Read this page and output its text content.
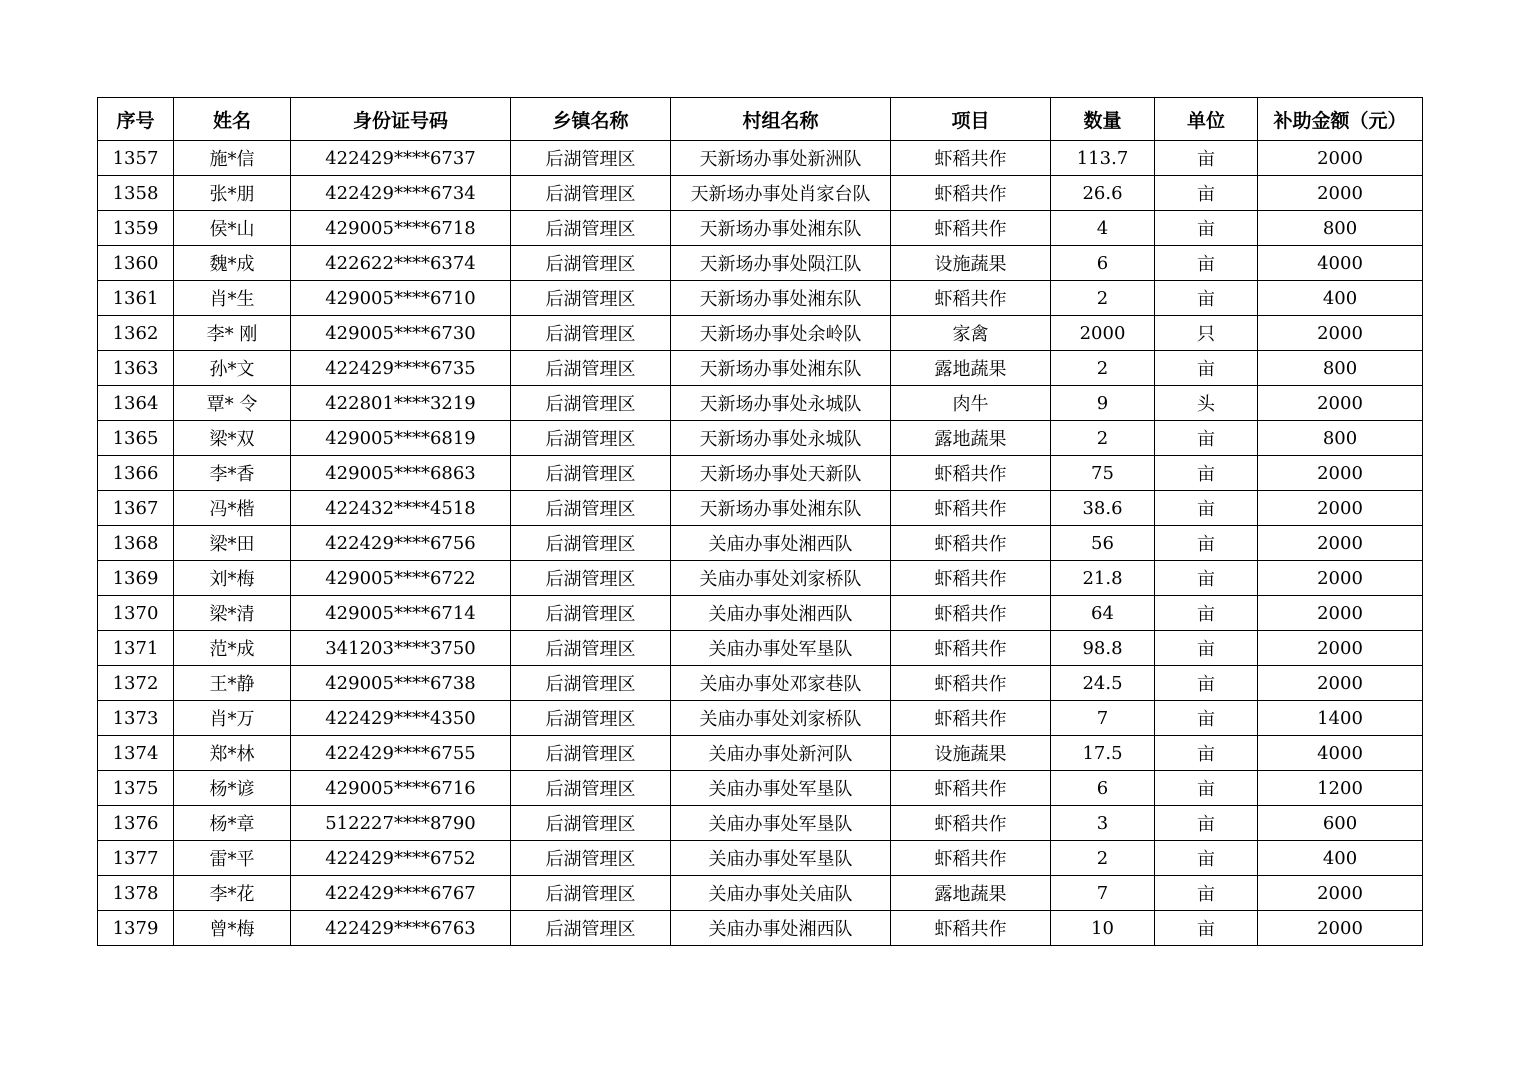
序号	姓名	身份证号码	乡镇名称	村组名称	项目	数量	单位	补助金额（元）
1357	施*信	422429****6737	后湖管理区	天新场办事处新洲队	虾稻共作	113.7	亩	2000
1358	张*朋	422429****6734	后湖管理区	天新场办事处肖家台队	虾稻共作	26.6	亩	2000
1359	侯*山	429005****6718	后湖管理区	天新场办事处湘东队	虾稻共作	4	亩	800
1360	魏*成	422622****6374	后湖管理区	天新场办事处陨江队	设施蔬果	6	亩	4000
1361	肖*生	429005****6710	后湖管理区	天新场办事处湘东队	虾稻共作	2	亩	400
1362	李* 刚	429005****6730	后湖管理区	天新场办事处余岭队	家禽	2000	只	2000
1363	孙*文	422429****6735	后湖管理区	天新场办事处湘东队	露地蔬果	2	亩	800
1364	覃* 令	422801****3219	后湖管理区	天新场办事处永城队	肉牛	9	头	2000
1365	梁*双	429005****6819	后湖管理区	天新场办事处永城队	露地蔬果	2	亩	800
1366	李*香	429005****6863	后湖管理区	天新场办事处天新队	虾稻共作	75	亩	2000
1367	冯*楷	422432****4518	后湖管理区	天新场办事处湘东队	虾稻共作	38.6	亩	2000
1368	梁*田	422429****6756	后湖管理区	关庙办事处湘西队	虾稻共作	56	亩	2000
1369	刘*梅	429005****6722	后湖管理区	关庙办事处刘家桥队	虾稻共作	21.8	亩	2000
1370	梁*清	429005****6714	后湖管理区	关庙办事处湘西队	虾稻共作	64	亩	2000
1371	范*成	341203****3750	后湖管理区	关庙办事处军垦队	虾稻共作	98.8	亩	2000
1372	王*静	429005****6738	后湖管理区	关庙办事处邓家巷队	虾稻共作	24.5	亩	2000
1373	肖*万	422429****4350	后湖管理区	关庙办事处刘家桥队	虾稻共作	7	亩	1400
1374	郑*林	422429****6755	后湖管理区	关庙办事处新河队	设施蔬果	17.5	亩	4000
1375	杨*谚	429005****6716	后湖管理区	关庙办事处军垦队	虾稻共作	6	亩	1200
1376	杨*章	512227****8790	后湖管理区	关庙办事处军垦队	虾稻共作	3	亩	600
1377	雷*平	422429****6752	后湖管理区	关庙办事处军垦队	虾稻共作	2	亩	400
1378	李*花	422429****6767	后湖管理区	关庙办事处关庙队	露地蔬果	7	亩	2000
1379	曾*梅	422429****6763	后湖管理区	关庙办事处湘西队	虾稻共作	10	亩	2000
